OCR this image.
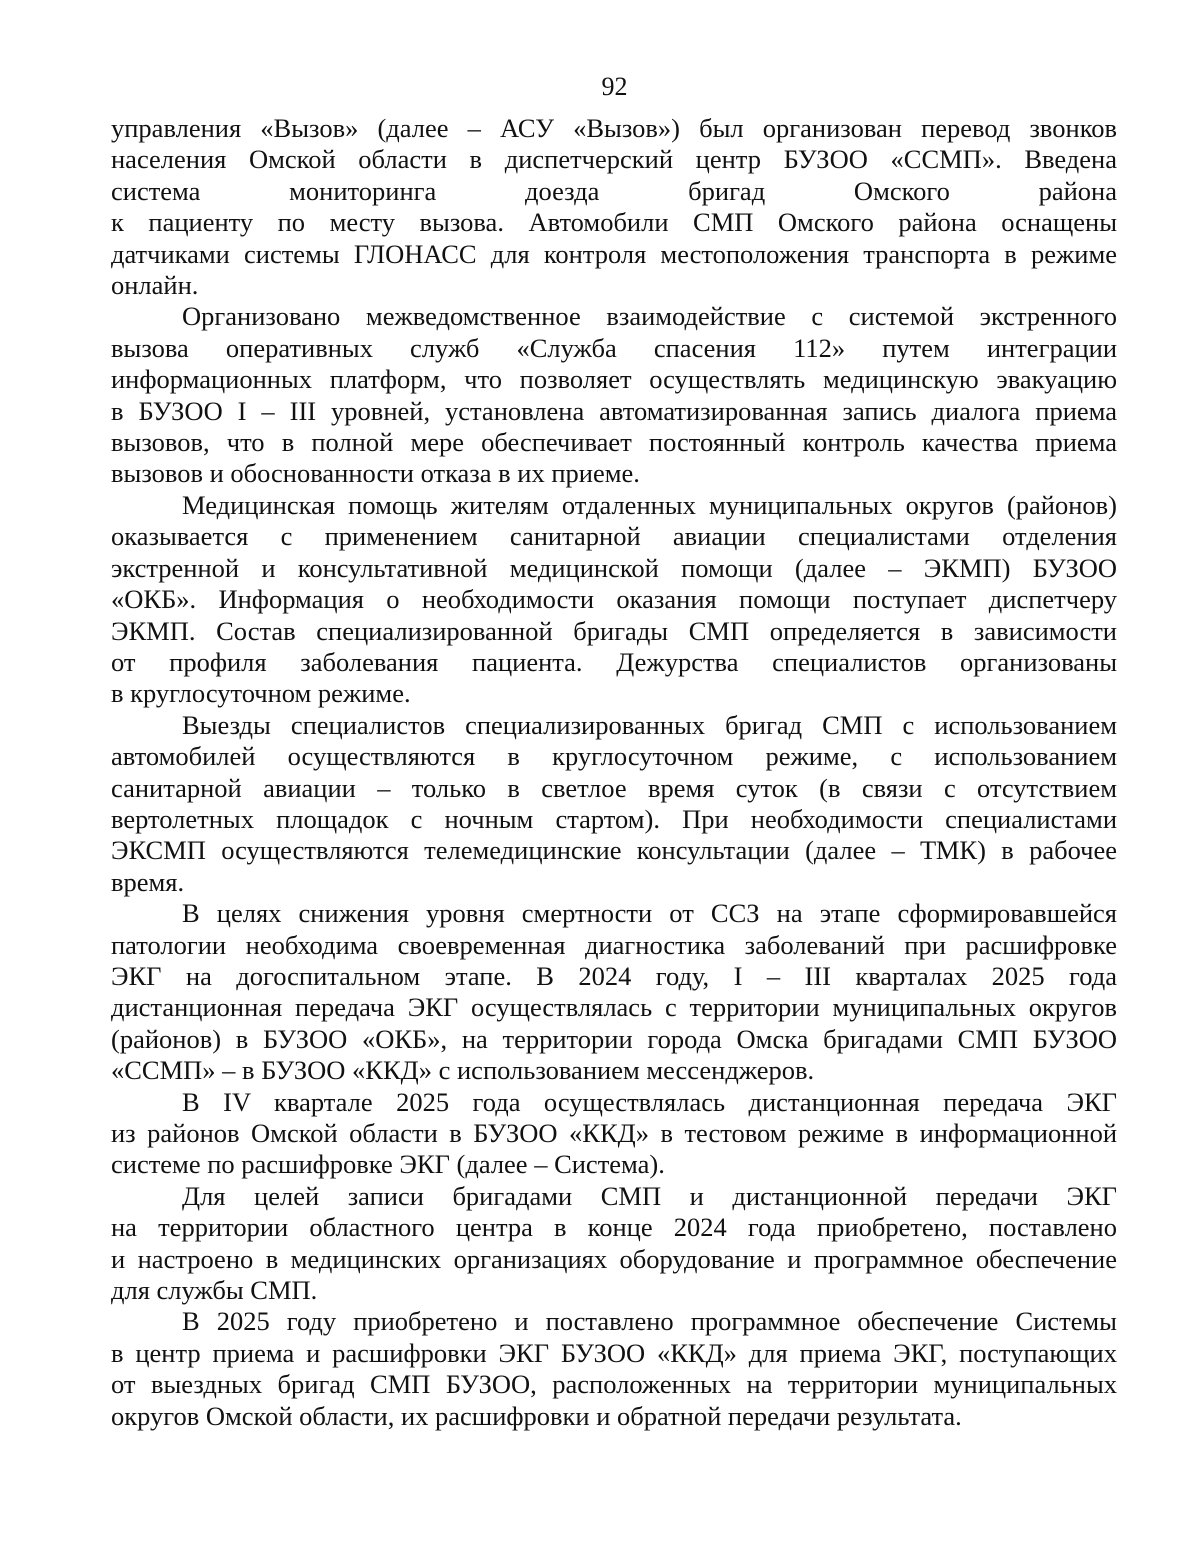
92
управления «Вызов» (далее – АСУ «Вызов») был организован перевод звонков
населения Омской области в диспетчерский центр БУЗОО «ССМП». Введена
система мониторинга доезда бригад Омского района
к пациенту по месту вызова. Автомобили СМП Омского района оснащены
датчиками системы ГЛОНАСС для контроля местоположения транспорта в режиме
онлайн.
Организовано межведомственное взаимодействие с системой экстренного
вызова оперативных служб «Служба спасения 112» путем интеграции
информационных платформ, что позволяет осуществлять медицинскую эвакуацию
в БУЗОО I – III уровней, установлена автоматизированная запись диалога приема
вызовов, что в полной мере обеспечивает постоянный контроль качества приема
вызовов и обоснованности отказа в их приеме.
Медицинская помощь жителям отдаленных муниципальных округов (районов)
оказывается с применением санитарной авиации специалистами отделения
экстренной и консультативной медицинской помощи (далее – ЭКМП) БУЗОО
«ОКБ». Информация о необходимости оказания помощи поступает диспетчеру
ЭКМП. Состав специализированной бригады СМП определяется в зависимости
от профиля заболевания пациента. Дежурства специалистов организованы
в круглосуточном режиме.
Выезды специалистов специализированных бригад СМП с использованием
автомобилей осуществляются в круглосуточном режиме, с использованием
санитарной авиации – только в светлое время суток (в связи с отсутствием
вертолетных площадок с ночным стартом). При необходимости специалистами
ЭКСМП осуществляются телемедицинские консультации (далее – ТМК) в рабочее
время.
В целях снижения уровня смертности от ССЗ на этапе сформировавшейся
патологии необходима своевременная диагностика заболеваний при расшифровке
ЭКГ на догоспитальном этапе. В 2024 году, I – III кварталах 2025 года
дистанционная передача ЭКГ осуществлялась с территории муниципальных округов
(районов) в БУЗОО «ОКБ», на территории города Омска бригадами СМП БУЗОО
«ССМП» – в БУЗОО «ККД» с использованием мессенджеров.
В IV квартале 2025 года осуществлялась дистанционная передача ЭКГ
из районов Омской области в БУЗОО «ККД» в тестовом режиме в информационной
системе по расшифровке ЭКГ (далее – Система).
Для целей записи бригадами СМП и дистанционной передачи ЭКГ
на территории областного центра в конце 2024 года приобретено, поставлено
и настроено в медицинских организациях оборудование и программное обеспечение
для службы СМП.
В 2025 году приобретено и поставлено программное обеспечение Системы
в центр приема и расшифровки ЭКГ БУЗОО «ККД» для приема ЭКГ, поступающих
от выездных бригад СМП БУЗОО, расположенных на территории муниципальных
округов Омской области, их расшифровки и обратной передачи результата.
